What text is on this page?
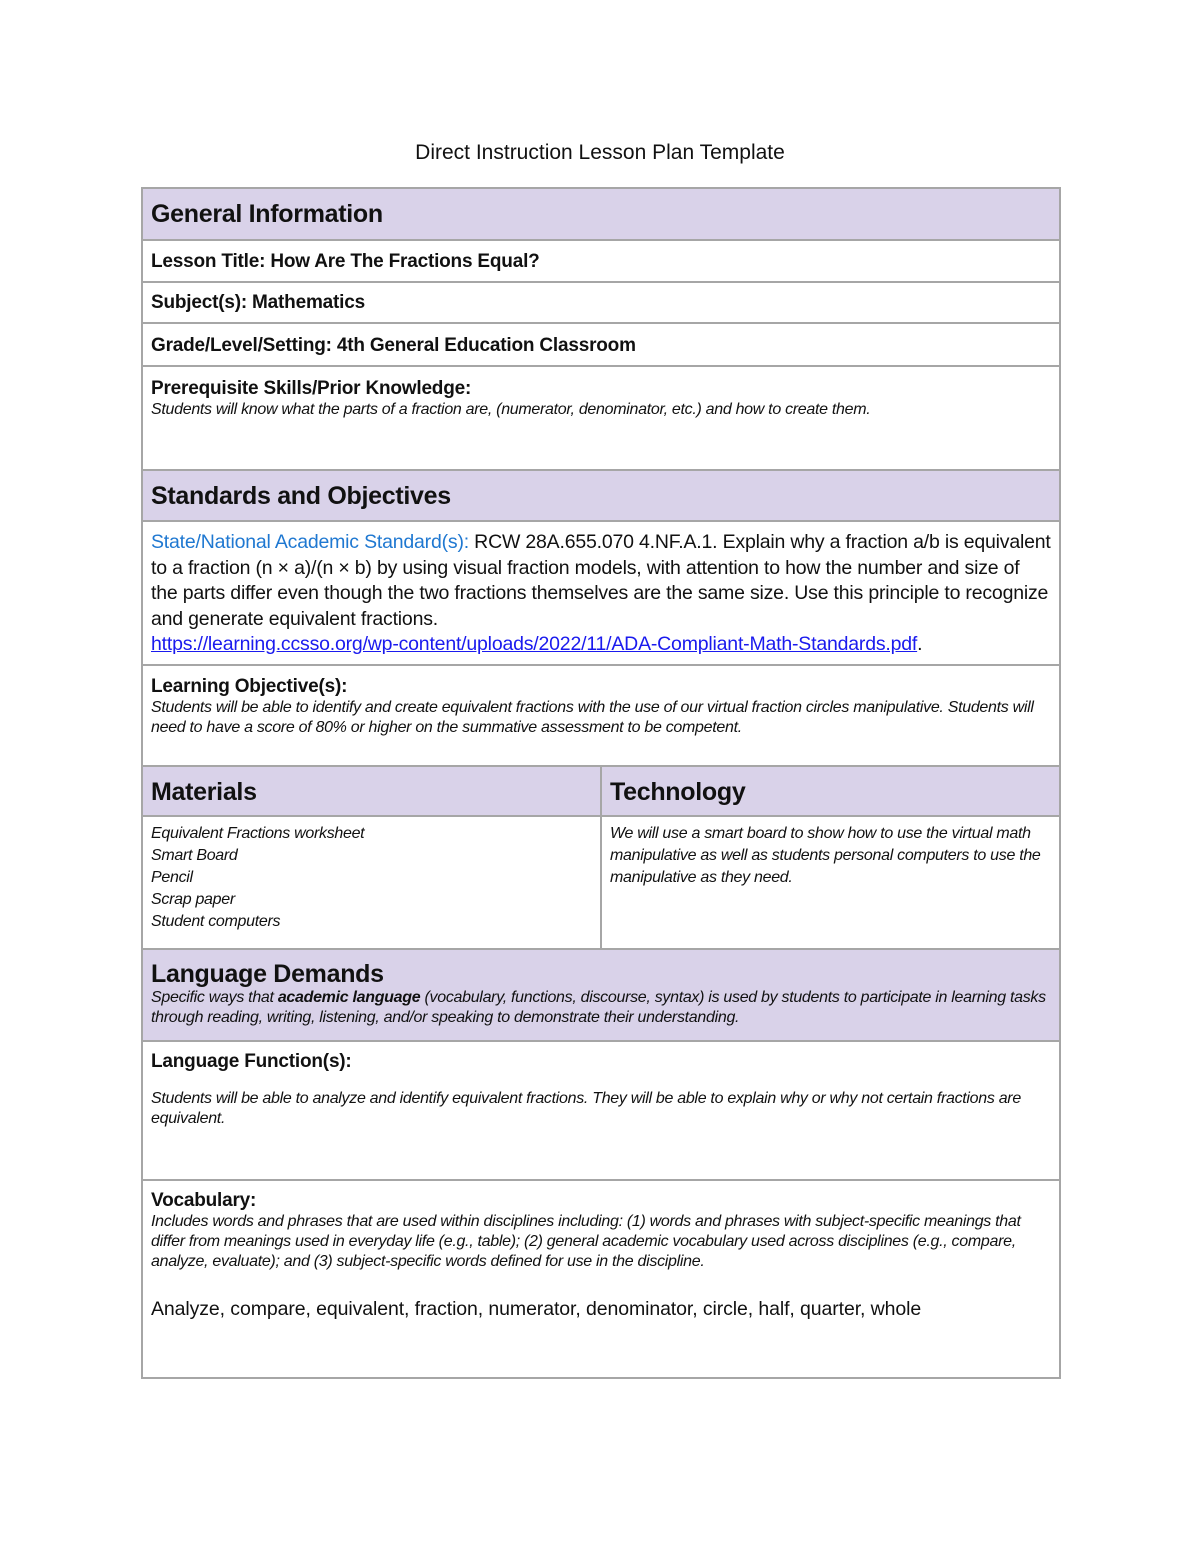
Direct Instruction Lesson Plan Template
General Information	

Lesson Title: How Are The Fractions Equal?	

Subject(s): Mathematics	

Grade/Level/Setting: 4th General Education Classroom	

Prerequisite Skills/Prior Knowledge:
Students will know what the parts of a fraction are, (numerator, denominator, etc.) and how to create them.	

Standards and Objectives	

State/National Academic Standard(s): RCW 28A.655.070 4.NF.A.1. Explain why a fraction a/b is equivalent to a fraction (n × a)/(n × b) by using visual fraction models, with attention to how the number and size of the parts differ even though the two fractions themselves are the same size. Use this principle to recognize and generate equivalent fractions.
https://learning.ccsso.org/wp-content/uploads/2022/11/ADA-Compliant-Math-Standards.pdf.	

Learning Objective(s):
Students will be able to identify and create equivalent fractions with the use of our virtual fraction circles manipulative. Students will need to have a score of 80% or higher on the summative assessment to be competent.	

Materials	Technology

Equivalent Fractions worksheet
Smart Board
Pencil
Scrap paper
Student computers	We will use a smart board to show how to use the virtual math manipulative as well as students personal computers to use the manipulative as they need.

Language Demands
Specific ways that academic language (vocabulary, functions, discourse, syntax) is used by students to participate in learning tasks through reading, writing, listening, and/or speaking to demonstrate their understanding.	

Language Function(s):
Students will be able to analyze and identify equivalent fractions. They will be able to explain why or why not certain fractions are equivalent.	

Vocabulary:
Includes words and phrases that are used within disciplines including: (1) words and phrases with subject-specific meanings that differ from meanings used in everyday life (e.g., table); (2) general academic vocabulary used across disciplines (e.g., compare, analyze, evaluate); and (3) subject-specific words defined for use in the discipline.
Analyze, compare, equivalent, fraction, numerator, denominator, circle, half, quarter, whole	
